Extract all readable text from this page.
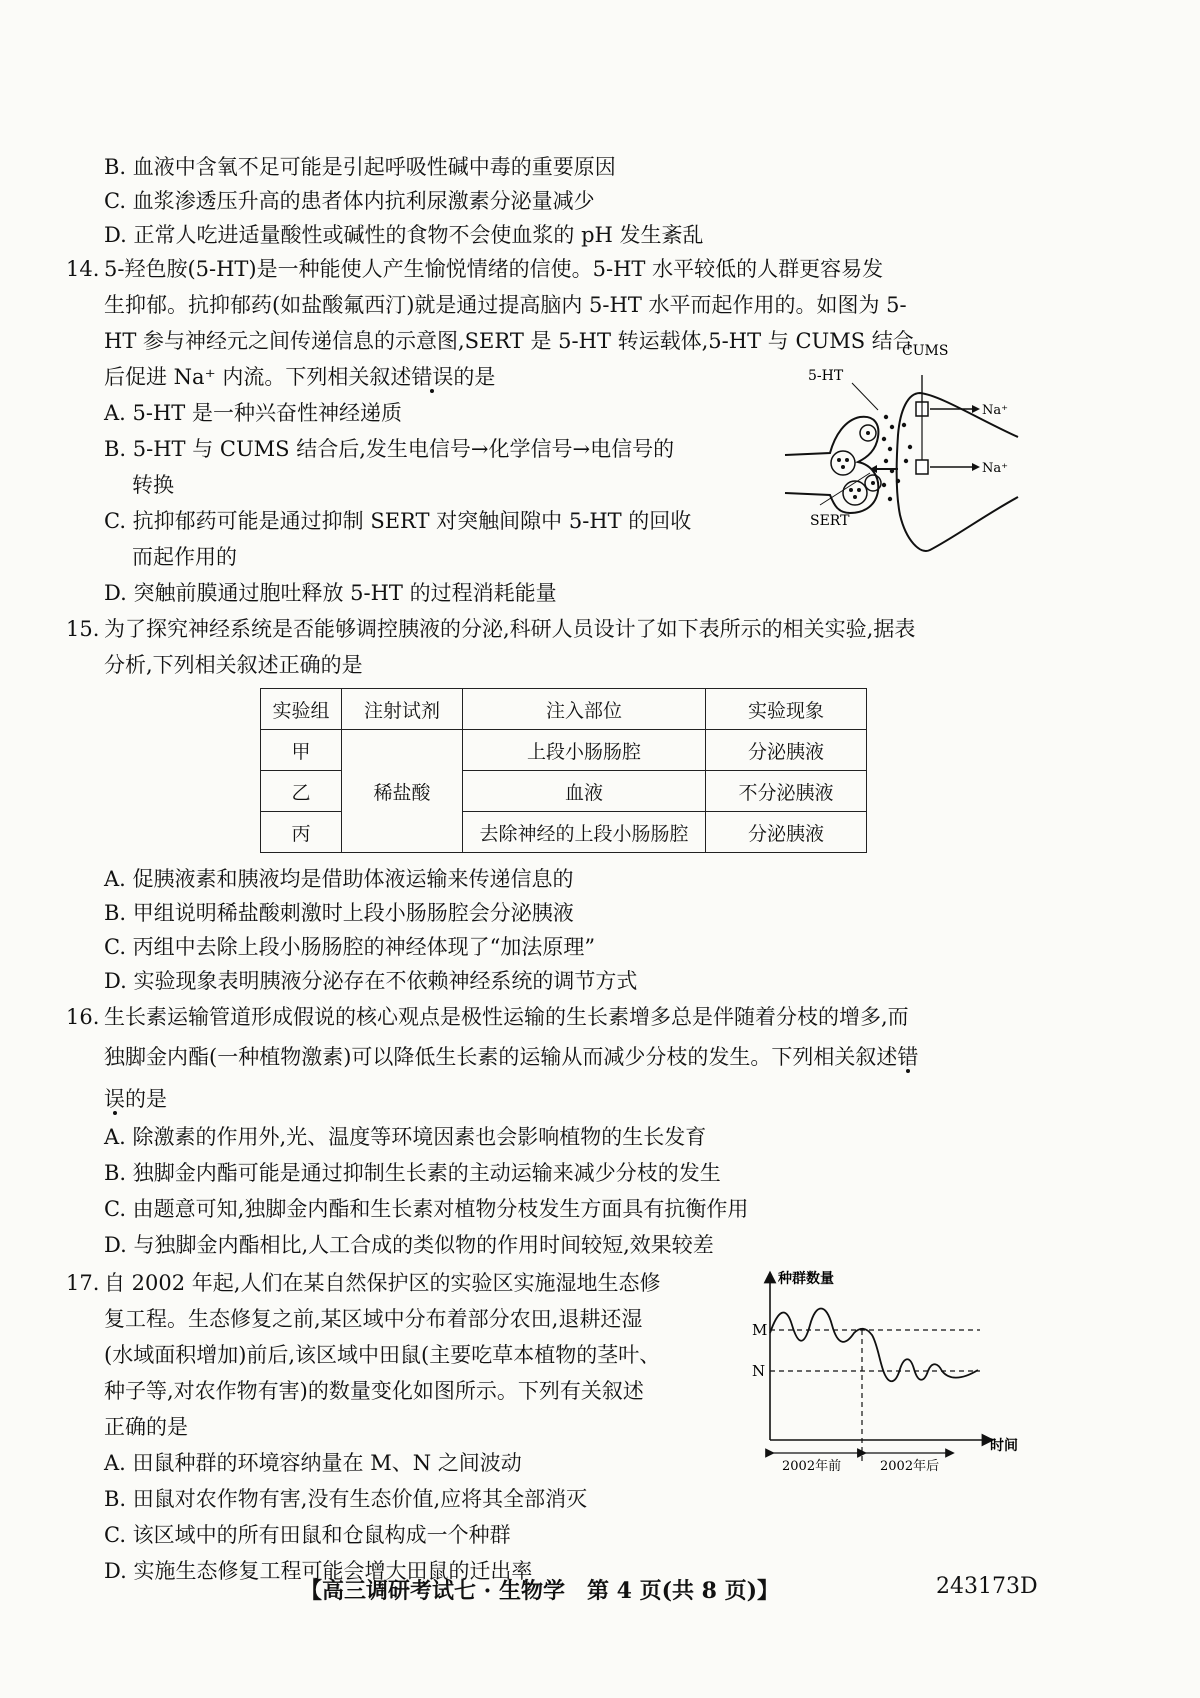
B. 血液中含氧不足可能是引起呼吸性碱中毒的重要原因
C. 血浆渗透压升高的患者体内抗利尿激素分泌量减少
D. 正常人吃进适量酸性或碱性的食物不会使血浆的 pH 发生紊乱
14. 5-羟色胺(5-HT)是一种能使人产生愉悦情绪的信使。5-HT 水平较低的人群更容易发
生抑郁。抗抑郁药(如盐酸氟西汀)就是通过提高脑内 5-HT 水平而起作用的。如图为 5-
HT 参与神经元之间传递信息的示意图,SERT 是 5-HT 转运载体,5-HT 与 CUMS 结合
后促进 Na⁺ 内流。下列相关叙述错误的是
A. 5-HT 是一种兴奋性神经递质
B. 5-HT 与 CUMS 结合后,发生电信号→化学信号→电信号的
转换
C. 抗抑郁药可能是通过抑制 SERT 对突触间隙中 5-HT 的回收
而起作用的
D. 突触前膜通过胞吐释放 5-HT 的过程消耗能量
CUMS
5-HT
Na⁺
Na⁺
SERT
15. 为了探究神经系统是否能够调控胰液的分泌,科研人员设计了如下表所示的相关实验,据表
分析,下列相关叙述正确的是
实验组	注射试剂	注入部位	实验现象
甲	稀盐酸	上段小肠肠腔	分泌胰液
乙		血液	不分泌胰液
丙		去除神经的上段小肠肠腔	分泌胰液
A. 促胰液素和胰液均是借助体液运输来传递信息的
B. 甲组说明稀盐酸刺激时上段小肠肠腔会分泌胰液
C. 丙组中去除上段小肠肠腔的神经体现了“加法原理”
D. 实验现象表明胰液分泌存在不依赖神经系统的调节方式
16. 生长素运输管道形成假说的核心观点是极性运输的生长素增多总是伴随着分枝的增多,而
独脚金内酯(一种植物激素)可以降低生长素的运输从而减少分枝的发生。下列相关叙述错
误的是
A. 除激素的作用外,光、温度等环境因素也会影响植物的生长发育
B. 独脚金内酯可能是通过抑制生长素的主动运输来减少分枝的发生
C. 由题意可知,独脚金内酯和生长素对植物分枝发生方面具有抗衡作用
D. 与独脚金内酯相比,人工合成的类似物的作用时间较短,效果较差
17. 自 2002 年起,人们在某自然保护区的实验区实施湿地生态修
复工程。生态修复之前,某区域中分布着部分农田,退耕还湿
(水域面积增加)前后,该区域中田鼠(主要吃草本植物的茎叶、
种子等,对农作物有害)的数量变化如图所示。下列有关叙述
正确的是
A. 田鼠种群的环境容纳量在 M、N 之间波动
B. 田鼠对农作物有害,没有生态价值,应将其全部消灭
C. 该区域中的所有田鼠和仓鼠构成一个种群
D. 实施生态修复工程可能会增大田鼠的迁出率
种群数量
时间
M
N
2002年前	2002年后
【高三调研考试七 · 生物学　第 4 页(共 8 页)】	243173D
